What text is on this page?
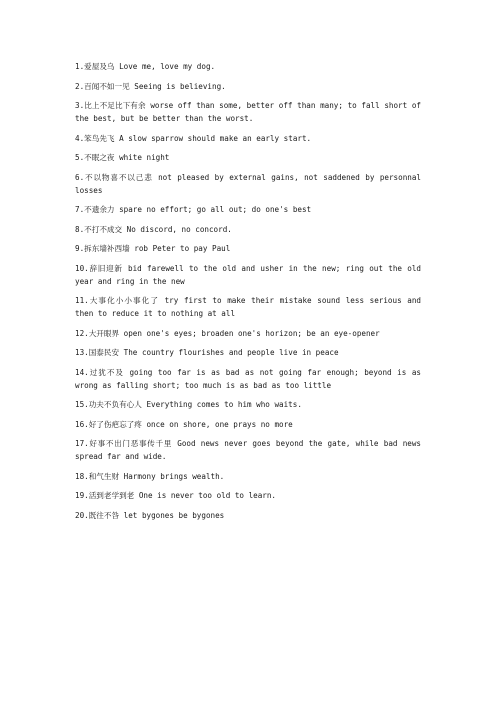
1.爱屋及乌 Love me, love my dog.

2.百闻不如一见 Seeing is believing.

3.比上不足比下有余 worse off than some, better off than many; to fall short of the best, but be better than the worst.

4.笨鸟先飞 A slow sparrow should make an early start.

5.不眠之夜 white night

6.不以物喜不以己悲 not pleased by external gains, not saddened by personnal losses

7.不遗余力 spare no effort; go all out; do one's best

8.不打不成交 No discord, no concord.

9.拆东墙补西墙 rob Peter to pay Paul

10.辞旧迎新 bid farewell to the old and usher in the new; ring out the old year and ring in the new

11.大事化小小事化了 try first to make their mistake sound less serious and then to reduce it to nothing at all

12.大开眼界 open one's eyes; broaden one's horizon; be an eye-opener

13.国泰民安 The country flourishes and people live in peace

14.过犹不及 going too far is as bad as not going far enough; beyond is as wrong as falling short; too much is as bad as too little

15.功夫不负有心人 Everything comes to him who waits.

16.好了伤疤忘了疼 once on shore, one prays no more

17.好事不出门恶事传千里 Good news never goes beyond the gate, while bad news spread far and wide.

18.和气生财 Harmony brings wealth.

19.活到老学到老 One is never too old to learn.

20.既往不咎 let bygones be bygones
